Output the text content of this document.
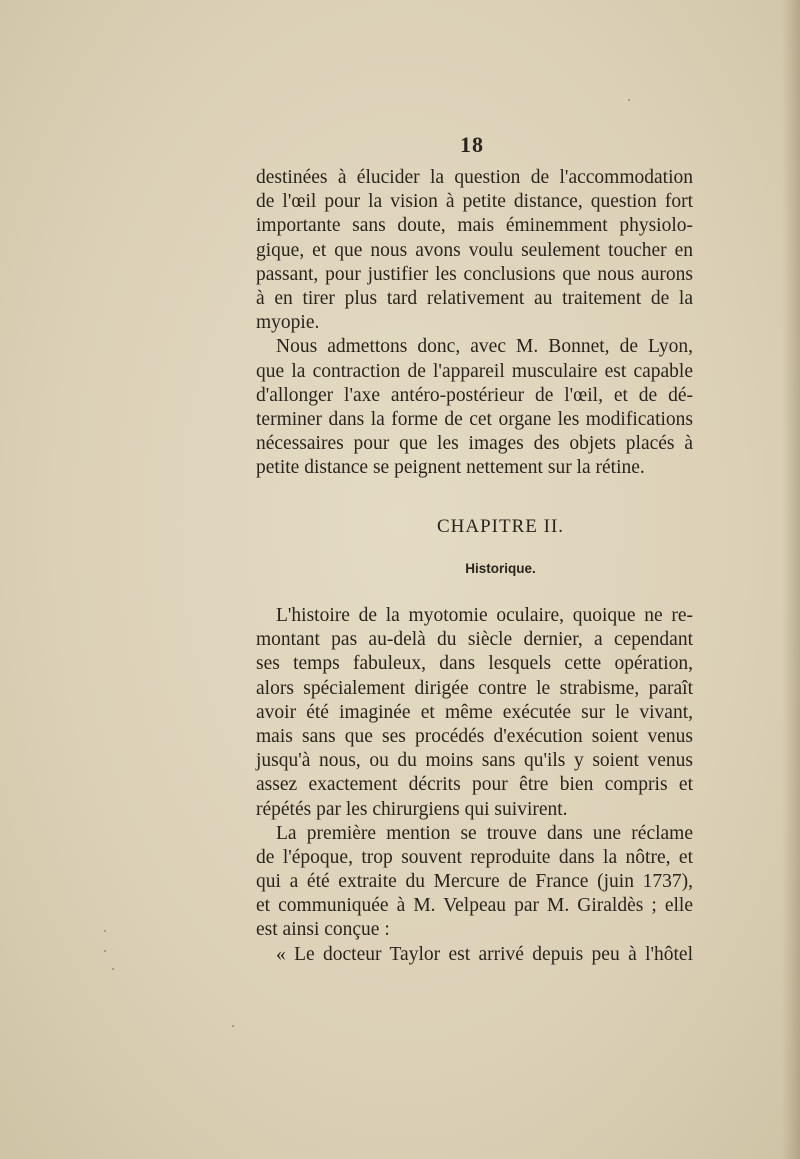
18

destinées à élucider la question de l'accommodation
de l'œil pour la vision à petite distance, question fort
importante sans doute, mais éminemment physiolo-
gique, et que nous avons voulu seulement toucher en
passant, pour justifier les conclusions que nous aurons
à en tirer plus tard relativement au traitement de la
myopie.

Nous admettons donc, avec M. Bonnet, de Lyon,
que la contraction de l'appareil musculaire est capable
d'allonger l'axe antéro-postérieur de l'œil, et de dé-
terminer dans la forme de cet organe les modifications
nécessaires pour que les images des objets placés à
petite distance se peignent nettement sur la rétine.

CHAPITRE II.
Historique.

L'histoire de la myotomie oculaire, quoique ne re-
montant pas au-delà du siècle dernier, a cependant
ses temps fabuleux, dans lesquels cette opération,
alors spécialement dirigée contre le strabisme, paraît
avoir été imaginée et même exécutée sur le vivant,
mais sans que ses procédés d'exécution soient venus
jusqu'à nous, ou du moins sans qu'ils y soient venus
assez exactement décrits pour être bien compris et
répétés par les chirurgiens qui suivirent.

La première mention se trouve dans une réclame
de l'époque, trop souvent reproduite dans la nôtre, et
qui a été extraite du Mercure de France (juin 1737),
et communiquée à M. Velpeau par M. Giraldès ; elle
est ainsi conçue :

« Le docteur Taylor est arrivé depuis peu à l'hôtel
